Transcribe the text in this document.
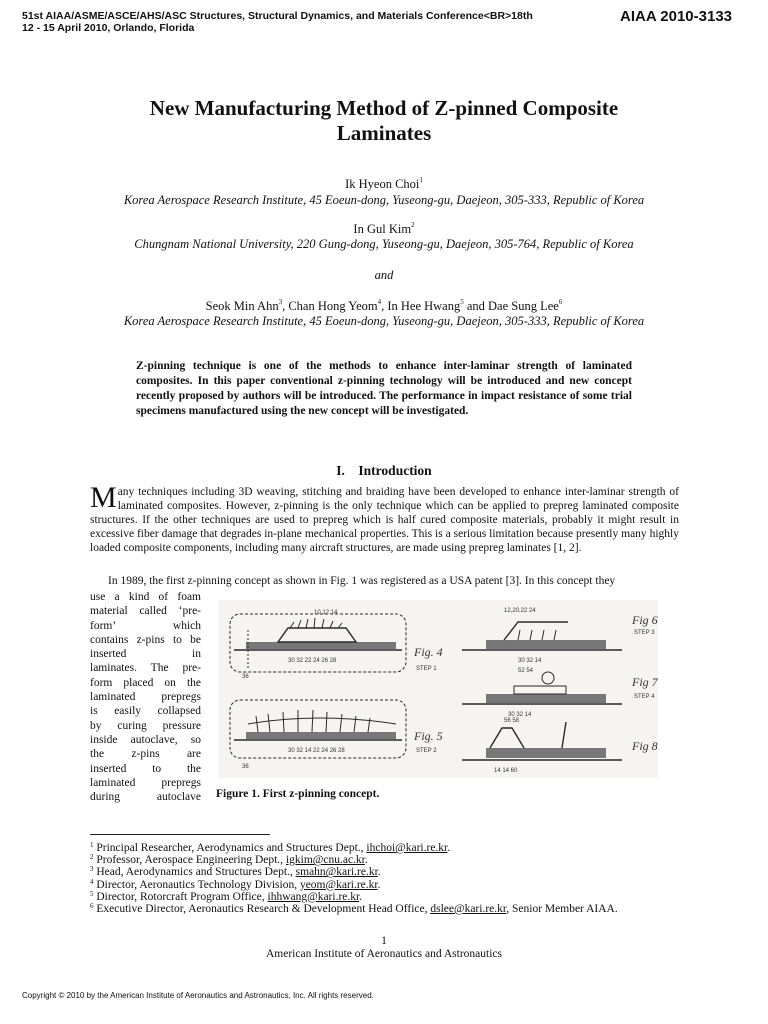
51st AIAA/ASME/ASCE/AHS/ASC Structures, Structural Dynamics, and Materials Conference<BR>18th
12 - 15 April 2010, Orlando, Florida
AIAA 2010-3133
New Manufacturing Method of Z-pinned Composite
Laminates
Ik Hyeon Choi$^1$
Korea Aerospace Research Institute, 45 Eoeun-dong, Yuseong-gu, Daejeon, 305-333, Republic of Korea
In Gul Kim$^2$
Chungnam National University, 220 Gung-dong, Yuseong-gu, Daejeon, 305-764, Republic of Korea
and
Seok Min Ahn$^3$, Chan Hong Yeom$^4$, In Hee Hwang$^5$ and Dae Sung Lee$^6$
Korea Aerospace Research Institute, 45 Eoeun-dong, Yuseong-gu, Daejeon, 305-333, Republic of Korea
Z-pinning technique is one of the methods to enhance inter-laminar strength of laminated composites. In this paper conventional z-pinning technology will be introduced and new concept recently proposed by authors will be introduced. The performance in impact resistance of some trial specimens manufactured using the new concept will be investigated.
I. Introduction
Many techniques including 3D weaving, stitching and braiding have been developed to enhance inter-laminar strength of laminated composites. However, z-pinning is the only technique which can be applied to prepreg laminated composite structures. If the other techniques are used to prepreg which is half cured composite materials, probably it might result in excessive fiber damage that degrades in-plane mechanical properties. This is a serious limitation because presently many highly loaded composite components, including many aircraft structures, are made using prepreg laminates [1, 2].
In 1989, the first z-pinning concept as shown in Fig. 1 was registered as a USA patent [3]. In this concept they
use a kind of foam
material called ‘pre-
form’ which
contains z-pins to be
inserted in
laminates. The pre-
form placed on the
laminated prepregs
is easily collapsed
by curing pressure
inside autoclave, so
the z-pins are
inserted to the
laminated prepregs
during autoclave
10 12 14
30 32 22 24 26 28
36
Fig. 4
STEP 1
30 32 14 22 24 26 28
36
Fig. 5
STEP 2
12,20,22 24
30 32 14
Fig 6
STEP 3
52 54
30 32 14
Fig 7
STEP 4
56 58
14 14 60
Fig 8
Figure 1. First z-pinning concept.
$^1$ Principal Researcher, Aerodynamics and Structures Dept., ihchoi@kari.re.kr.
$^2$ Professor, Aerospace Engineering Dept., igkim@cnu.ac.kr.
$^3$ Head, Aerodynamics and Structures Dept., smahn@kari.re.kr.
$^4$ Director, Aeronautics Technology Division, yeom@kari.re.kr.
$^5$ Director, Rotorcraft Program Office, ihhwang@kari.re.kr.
$^6$ Executive Director, Aeronautics Research & Development Head Office, dslee@kari.re.kr, Senior Member AIAA.
1
American Institute of Aeronautics and Astronautics
Copyright © 2010 by the American Institute of Aeronautics and Astronautics, Inc. All rights reserved.
